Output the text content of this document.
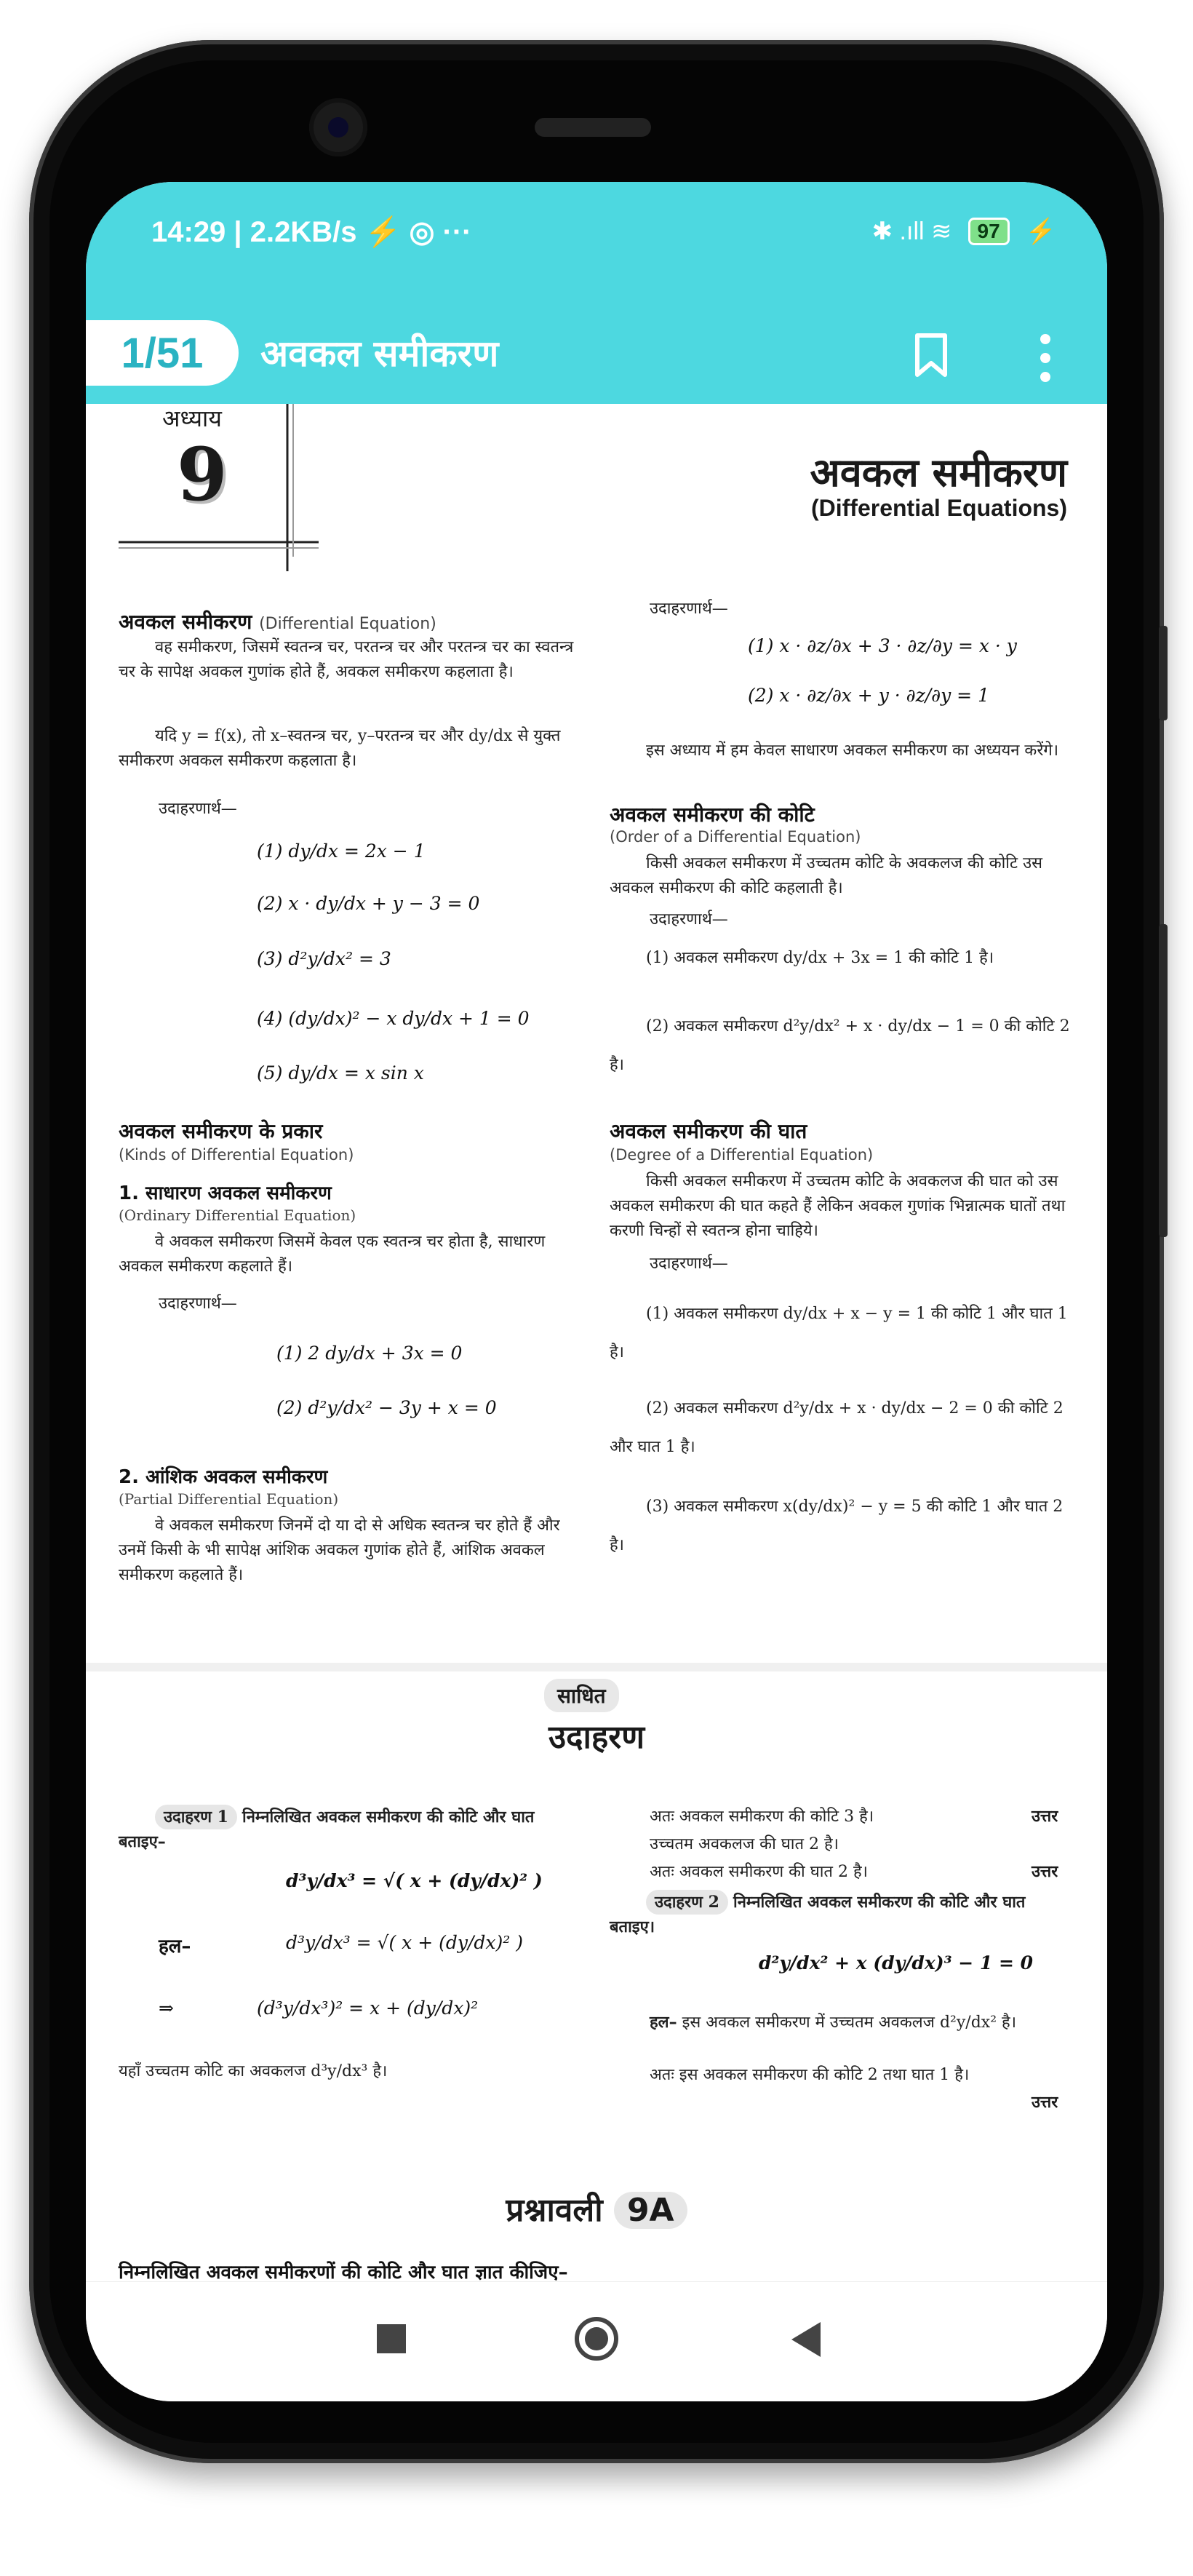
14:29 | 2.2KB/s ⚡ ◎ ···	✱ .ıll ≋	97	⚡
1/51	अवकल समीकरण
अध्याय
9	अवकल समीकरण
(Differential Equations)
अवकल समीकरण (Differential Equation)
वह समीकरण, जिसमें स्वतन्त्र चर, परतन्त्र चर और परतन्त्र चर का स्वतन्त्र चर के सापेक्ष अवकल गुणांक होते हैं, अवकल समीकरण कहलाता है।
यदि y = f(x), तो x–स्वतन्त्र चर, y–परतन्त्र चर और dy/dx से युक्त समीकरण अवकल समीकरण कहलाता है।
उदाहरणार्थ—
(1) dy/dx = 2x − 1
(2) x · dy/dx + y − 3 = 0
(3) d²y/dx² = 3
(4) (dy/dx)² − x dy/dx + 1 = 0
(5) dy/dx = x sin x
अवकल समीकरण के प्रकार
(Kinds of Differential Equation)
1. साधारण अवकल समीकरण
(Ordinary Differential Equation)
वे अवकल समीकरण जिसमें केवल एक स्वतन्त्र चर होता है, साधारण अवकल समीकरण कहलाते हैं।
उदाहरणार्थ—
(1) 2 dy/dx + 3x = 0
(2) d²y/dx² − 3y + x = 0
2. आंशिक अवकल समीकरण
(Partial Differential Equation)
वे अवकल समीकरण जिनमें दो या दो से अधिक स्वतन्त्र चर होते हैं और उनमें किसी के भी सापेक्ष आंशिक अवकल गुणांक होते हैं, आंशिक अवकल समीकरण कहलाते हैं।
उदाहरणार्थ—
(1) x · ∂z/∂x + 3 · ∂z/∂y = x · y
(2) x · ∂z/∂x + y · ∂z/∂y = 1
इस अध्याय में हम केवल साधारण अवकल समीकरण का अध्ययन करेंगे।
अवकल समीकरण की कोटि
(Order of a Differential Equation)
किसी अवकल समीकरण में उच्चतम कोटि के अवकलज की कोटि उस अवकल समीकरण की कोटि कहलाती है।
उदाहरणार्थ—
(1) अवकल समीकरण dy/dx + 3x = 1 की कोटि 1 है।
(2) अवकल समीकरण d²y/dx² + x · dy/dx − 1 = 0 की कोटि 2 है।
अवकल समीकरण की घात
(Degree of a Differential Equation)
किसी अवकल समीकरण में उच्चतम कोटि के अवकलज की घात को उस अवकल समीकरण की घात कहते हैं लेकिन अवकल गुणांक भिन्नात्मक घातों तथा करणी चिन्हों से स्वतन्त्र होना चाहिये।
उदाहरणार्थ—
(1) अवकल समीकरण dy/dx + x − y = 1 की कोटि 1 और घात 1 है।
(2) अवकल समीकरण d²y/dx + x · dy/dx − 2 = 0 की कोटि 2 और घात 1 है।
(3) अवकल समीकरण x(dy/dx)² − y = 5 की कोटि 1 और घात 2 है।
साधित
उदाहरण
उदाहरण 1 निम्नलिखित अवकल समीकरण की कोटि और घात बताइए–
d³y/dx³ = √( x + (dy/dx)² )
हल–	d³y/dx³ = √( x + (dy/dx)² )
⇒	(d³y/dx³)² = x + (dy/dx)²
यहाँ उच्चतम कोटि का अवकलज d³y/dx³ है।
अतः अवकल समीकरण की कोटि 3 है।	उत्तर
उच्चतम अवकलज की घात 2 है।
अतः अवकल समीकरण की घात 2 है।	उत्तर
उदाहरण 2 निम्नलिखित अवकल समीकरण की कोटि और घात बताइए।
d²y/dx² + x (dy/dx)³ − 1 = 0
हल– इस अवकल समीकरण में उच्चतम अवकलज d²y/dx² है।
अतः इस अवकल समीकरण की कोटि 2 तथा घात 1 है।
उत्तर
प्रश्नावली 9A
निम्नलिखित अवकल समीकरणों की कोटि और घात ज्ञात कीजिए–
